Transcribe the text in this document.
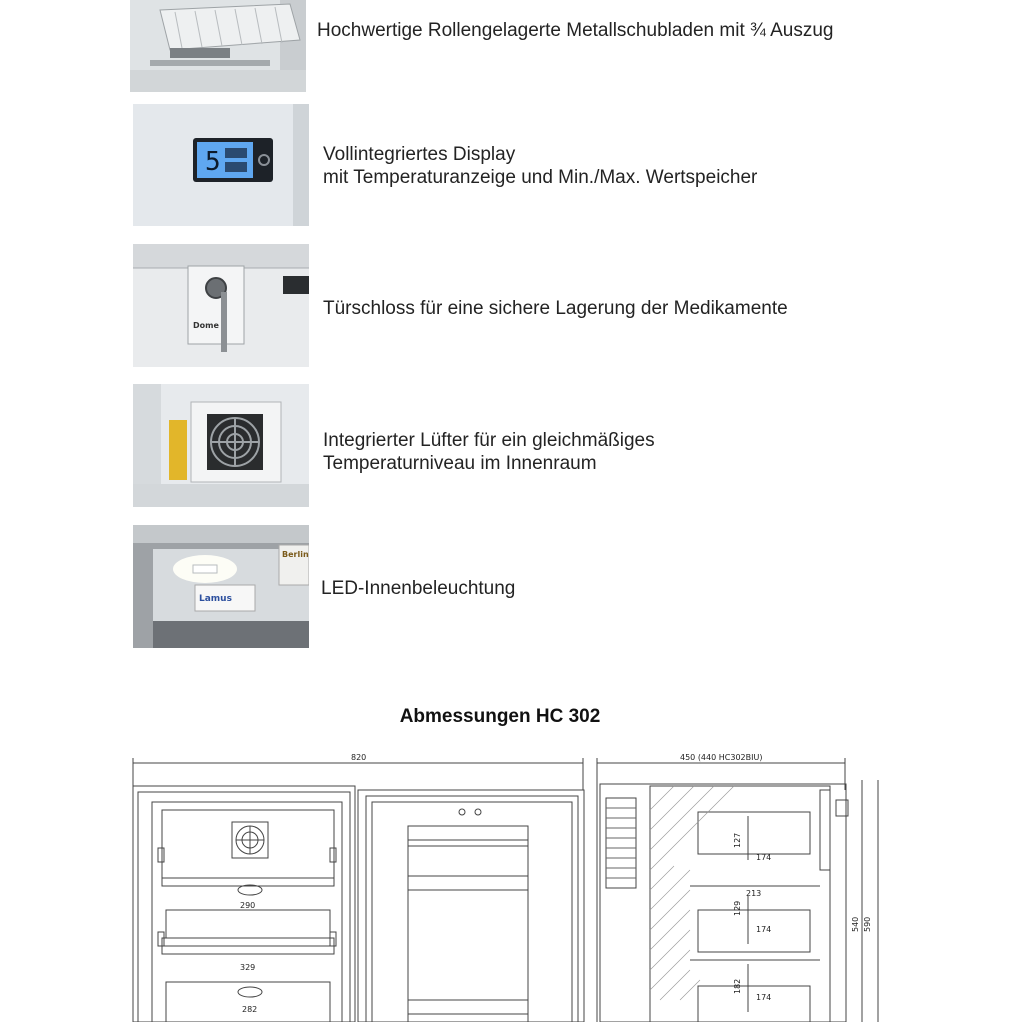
Hochwertige Rollengelagerte Metallschubladen mit ¾ Auszug
5	Vollintegriertes Display
mit Temperaturanzeige und Min./Max. Wertspeicher
Dome
Türschloss für eine sichere Lagerung der Medikamente
Integrierter Lüfter für ein gleichmäßiges
Temperaturniveau im Innenraum
Lamus
Berlin
LED-Innenbeleuchtung
Abmessungen HC 302
820
290
329
282
450 (440 HC302BIU)
127
174
213
129
174
182
174
540 590
